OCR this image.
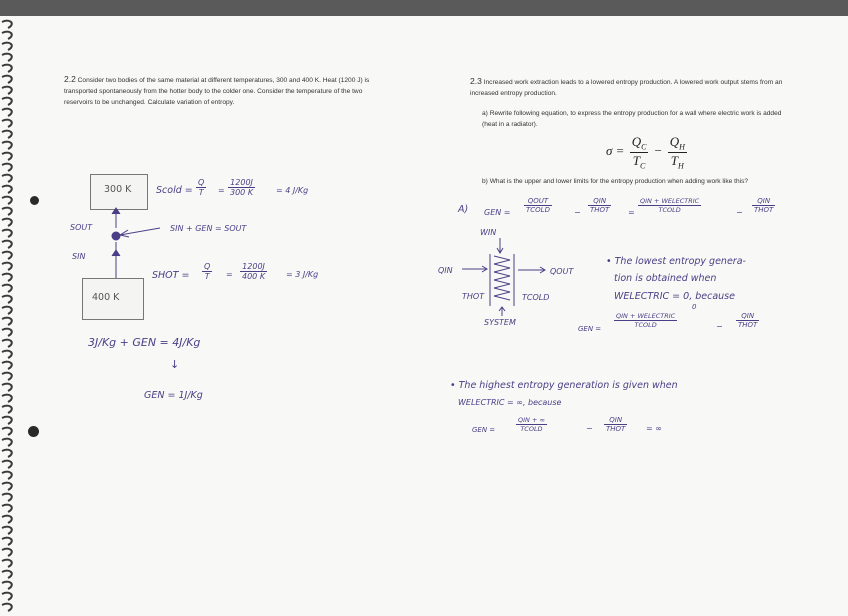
2.2 Consider two bodies of the same material at different temperatures, 300 and 400 K. Heat (1200 J) is transported spontaneously from the hotter body to the colder one. Consider the temperature of the two reservoirs to be unchanged. Calculate variation of entropy.
2.3 Increased work extraction leads to a lowered entropy production. A lowered work output stems from an increased entropy production.
a) Rewrite following equation, to express the entropy production for a wall where electric work is added (heat in a radiator).
$\sigma = \frac{Q_C}{T_C} - \frac{Q_H}{T_H}$
b) What is the upper and lower limits for the entropy production when adding work like this?
300 K	Scold = $\frac{Q}{T} = \frac{1200J}{300 K}$	= 4 J/Kg
SOUT
SIN
SIN + GEN = SOUT
400 K
SHOT = $\frac{Q}{T} = \frac{1200J}{400 K} = 3$ J/Kg
3J/Kg + GEN = 4J/Kg
↓
GEN = 1J/Kg
A) GEN =
QOUT
TCOLD	−
QIN
THOT =
QIN + WELECTRIC
TCOLD	−
QIN
THOT
WIN
QIN	QOUT
THOT	TCOLD
SYSTEM
• The lowest entropy genera-
tion is obtained when
WELECTRIC = 0, because
0
GEN =
QIN + WELECTRIC
TCOLD	−
QIN
THOT
• The highest entropy generation is given when
WELECTRIC = ∞, because
GEN =
QIN + ∞
TCOLD	−
QIN
THOT	= ∞
